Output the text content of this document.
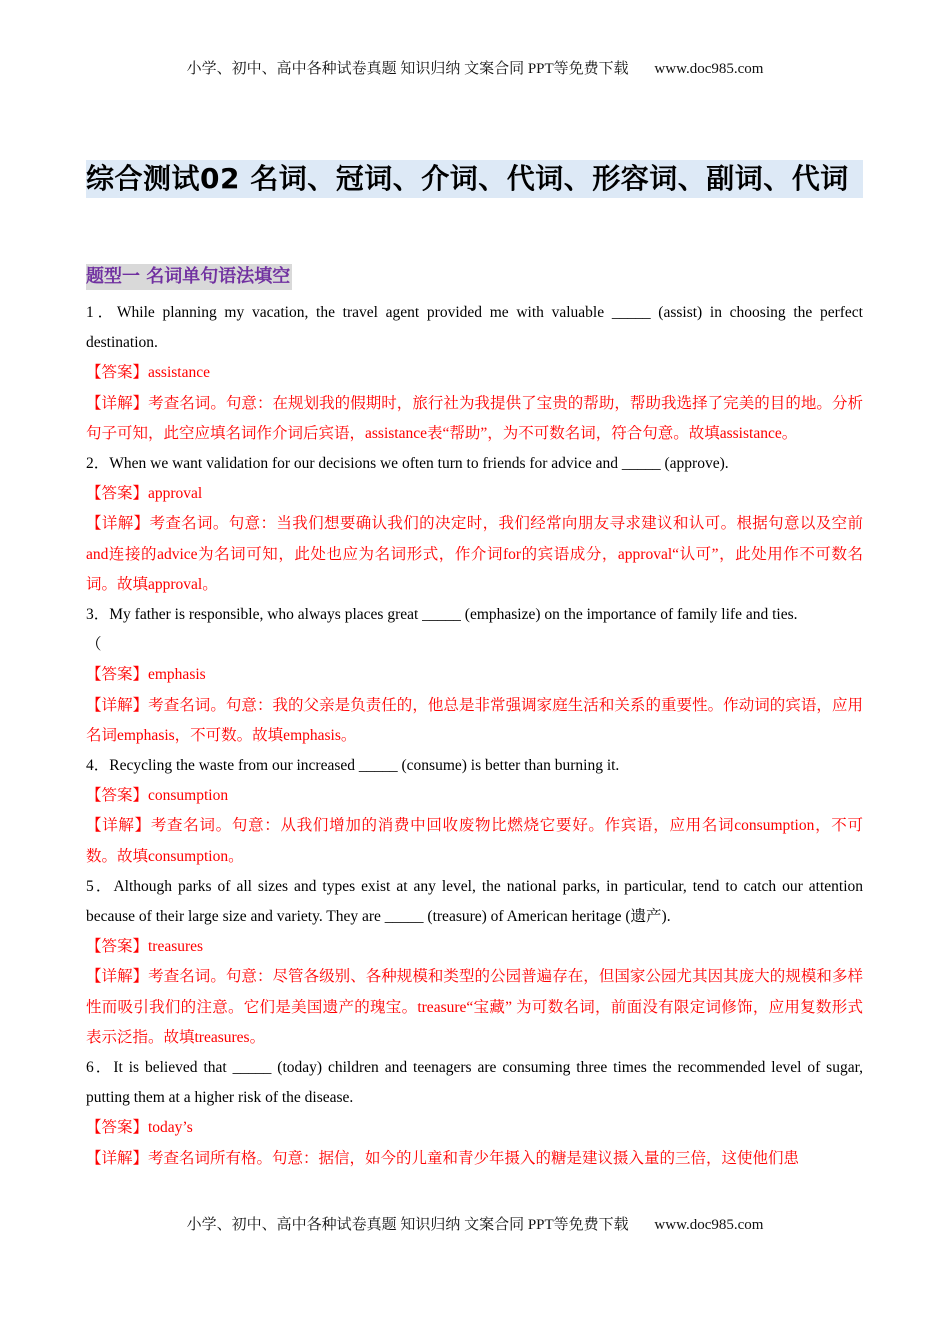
小学、初中、高中各种试卷真题 知识归纳 文案合同 PPT等免费下载 www.doc985.com
综合测试02 名词、冠词、介词、代词、形容词、副词、代词
题型一 名词单句语法填空
1．While planning my vacation, the travel agent provided me with valuable _____ (assist) in choosing the perfect destination.
【答案】assistance
【详解】考查名词。句意：在规划我的假期时，旅行社为我提供了宝贵的帮助，帮助我选择了完美的目的地。分析句子可知，此空应填名词作介词后宾语，assistance表“帮助”，为不可数名词，符合句意。故填assistance。
2．When we want validation for our decisions we often turn to friends for advice and _____ (approve).
【答案】approval
【详解】考查名词。句意：当我们想要确认我们的决定时，我们经常向朋友寻求建议和认可。根据句意以及空前and连接的advice为名词可知，此处也应为名词形式，作介词for的宾语成分，approval“认可”，此处用作不可数名词。故填approval。
3．My father is responsible, who always places great _____ (emphasize) on the importance of family life and ties.
（
【答案】emphasis
【详解】考查名词。句意：我的父亲是负责任的，他总是非常强调家庭生活和关系的重要性。作动词的宾语，应用名词emphasis，不可数。故填emphasis。
4．Recycling the waste from our increased _____ (consume) is better than burning it.
【答案】consumption
【详解】考查名词。句意：从我们增加的消费中回收废物比燃烧它要好。作宾语，应用名词consumption，不可数。故填consumption。
5．Although parks of all sizes and types exist at any level, the national parks, in particular, tend to catch our attention because of their large size and variety. They are _____ (treasure) of American heritage (遗产).
【答案】treasures
【详解】考查名词。句意：尽管各级别、各种规模和类型的公园普遍存在，但国家公园尤其因其庞大的规模和多样性而吸引我们的注意。它们是美国遗产的瑰宝。treasure“宝藏” 为可数名词，前面没有限定词修饰，应用复数形式表示泛指。故填treasures。
6．It is believed that _____ (today) children and teenagers are consuming three times the recommended level of sugar, putting them at a higher risk of the disease.
【答案】today’s
【详解】考查名词所有格。句意：据信，如今的儿童和青少年摄入的糖是建议摄入量的三倍，这使他们患
小学、初中、高中各种试卷真题 知识归纳 文案合同 PPT等免费下载 www.doc985.com
